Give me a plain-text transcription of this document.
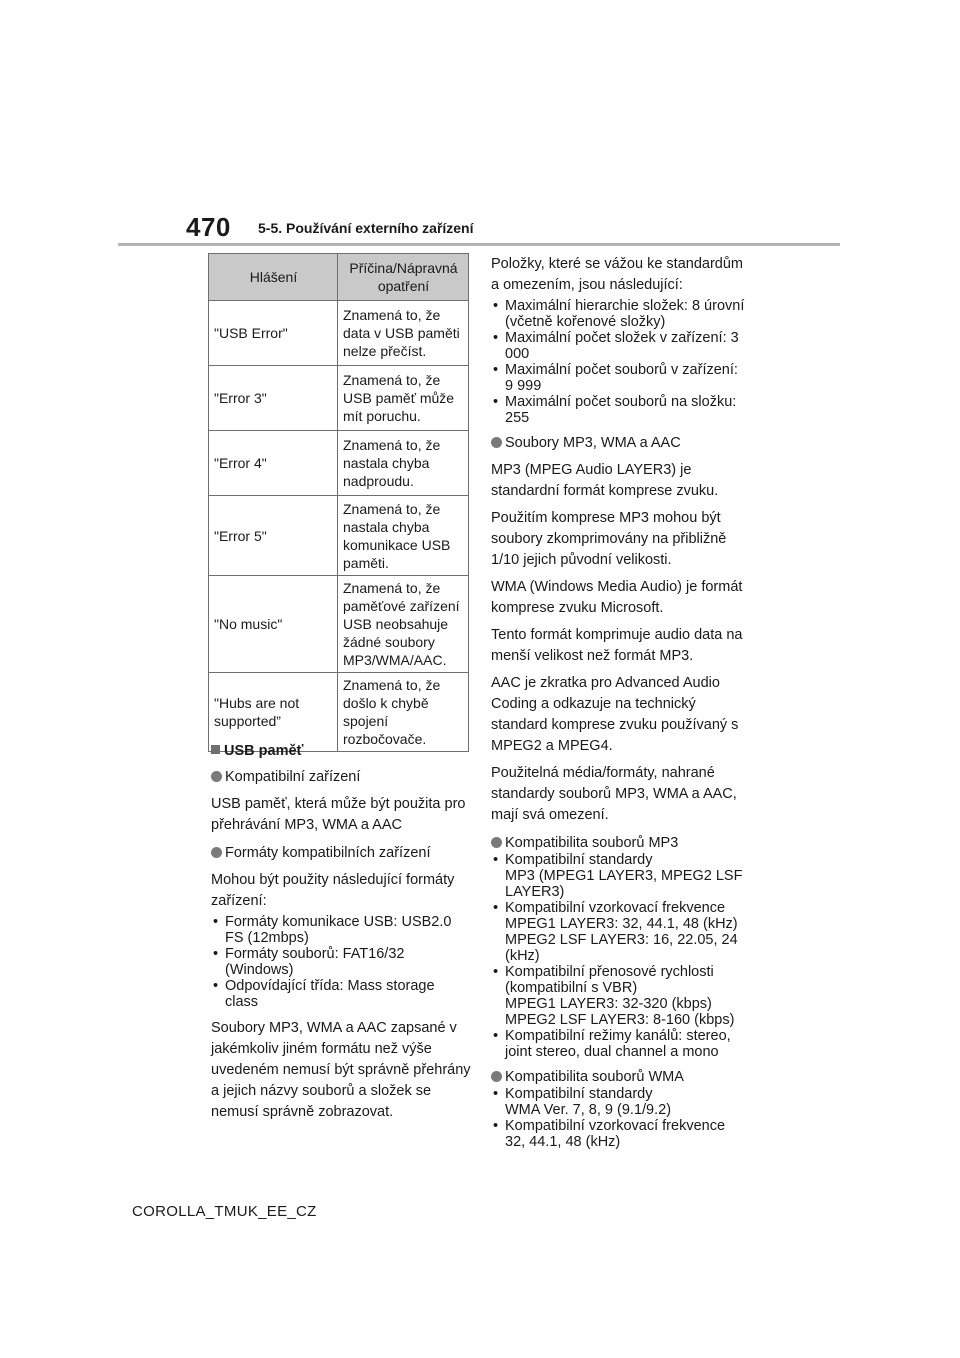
470 5-5. Používání externího zařízení
Hlášení	Příčina/Nápravná opatření
"USB Error"	Znamená to, že data v USB paměti nelze přečíst.
"Error 3"	Znamená to, že USB paměť může mít poruchu.
"Error 4"	Znamená to, že nastala chyba nadproudu.
"Error 5"	Znamená to, že nastala chyba komunikace USB paměti.
"No music"	Znamená to, že paměťové zařízení USB neobsahuje žádné soubory MP3/WMA/AAC.
"Hubs are not supported”	Znamená to, že došlo k chybě spojení rozbočovače.
USB paměť
Kompatibilní zařízení

USB paměť, která může být použita pro přehrávání MP3, WMA a AAC

Formáty kompatibilních zařízení

Mohou být použity následující formáty zařízení:

• Formáty komunikace USB: USB2.0 FS (12mbps)
• Formáty souborů: FAT16/32 (Windows)
• Odpovídající třída: Mass storage class

Soubory MP3, WMA a AAC zapsané v jakémkoliv jiném formátu než výše uvedeném nemusí být správně přehrány a jejich názvy souborů a složek se nemusí správně zobrazovat.

Položky, které se vážou ke standardům a omezením, jsou následující:

• Maximální hierarchie složek: 8 úrovní (včetně kořenové složky)
• Maximální počet složek v zařízení: 3 000
• Maximální počet souborů v zařízení: 9 999
• Maximální počet souborů na složku: 255
Soubory MP3, WMA a AAC

MP3 (MPEG Audio LAYER3) je standardní formát komprese zvuku.

Použitím komprese MP3 mohou být soubory zkomprimovány na přibližně 1/10 jejich původní velikosti.

WMA (Windows Media Audio) je formát komprese zvuku Microsoft.

Tento formát komprimuje audio data na menší velikost než formát MP3.

AAC je zkratka pro Advanced Audio Coding a odkazuje na technický standard komprese zvuku používaný s MPEG2 a MPEG4.

Použitelná média/formáty, nahrané standardy souborů MP3, WMA a AAC, mají svá omezení.

Kompatibilita souborů MP3
• Kompatibilní standardy
MP3 (MPEG1 LAYER3, MPEG2 LSF LAYER3)
• Kompatibilní vzorkovací frekvence
MPEG1 LAYER3: 32, 44.1, 48 (kHz)
MPEG2 LSF LAYER3: 16, 22.05, 24 (kHz)
• Kompatibilní přenosové rychlosti (kompatibilní s VBR)
MPEG1 LAYER3: 32-320 (kbps)
MPEG2 LSF LAYER3: 8-160 (kbps)
• Kompatibilní režimy kanálů: stereo, joint stereo, dual channel a mono
Kompatibilita souborů WMA
• Kompatibilní standardy
WMA Ver. 7, 8, 9 (9.1/9.2)
• Kompatibilní vzorkovací frekvence
32, 44.1, 48 (kHz)
COROLLA_TMUK_EE_CZ
